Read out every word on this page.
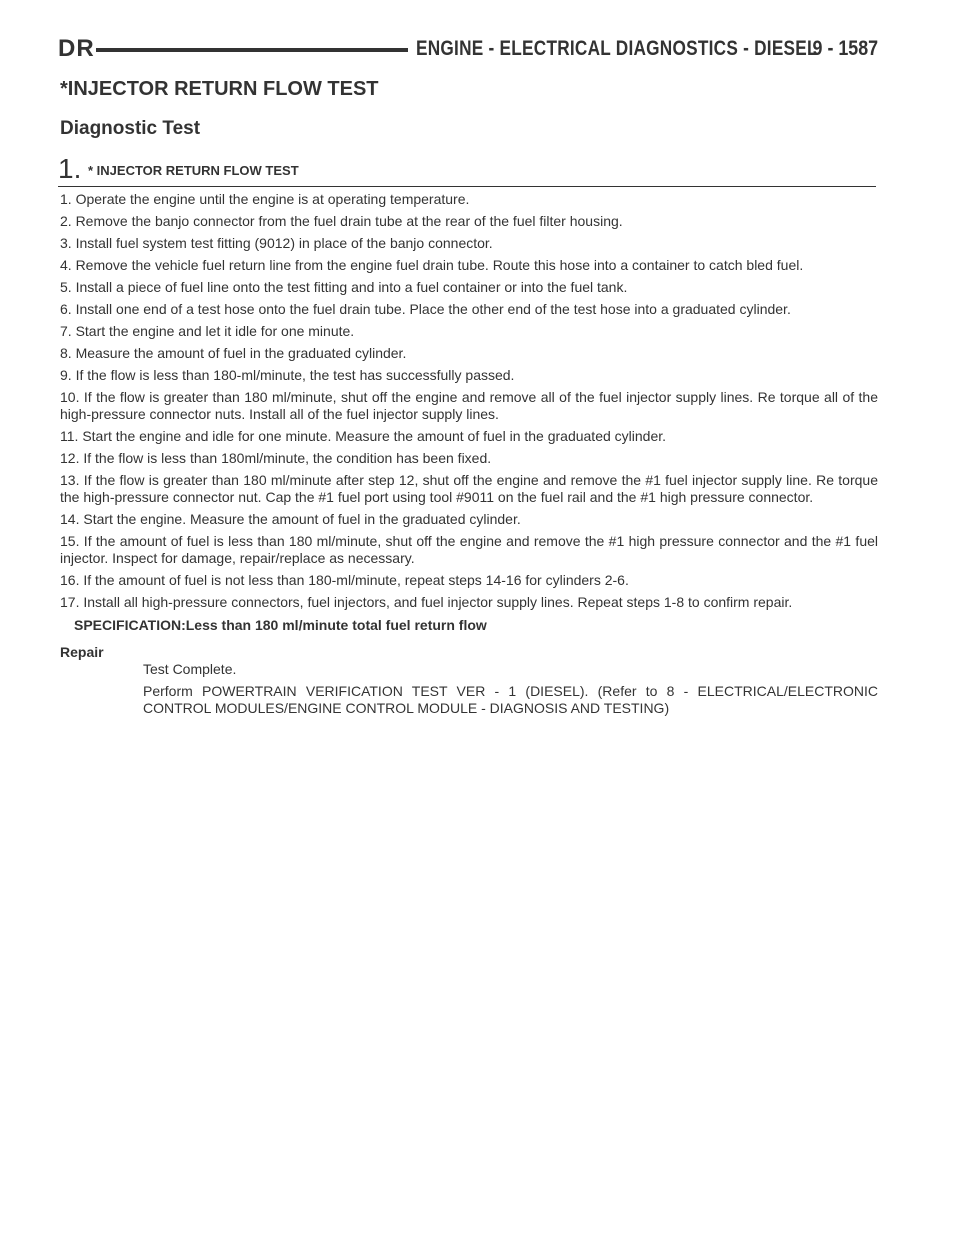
DR	ENGINE - ELECTRICAL DIAGNOSTICS - DIESEL
9 - 1587
*INJECTOR RETURN FLOW TEST
Diagnostic Test
1. * INJECTOR RETURN FLOW TEST

1. Operate the engine until the engine is at operating temperature.

2. Remove the banjo connector from the fuel drain tube at the rear of the fuel filter housing.

3. Install fuel system test fitting (9012) in place of the banjo connector.

4. Remove the vehicle fuel return line from the engine fuel drain tube. Route this hose into a container to catch bled fuel.

5. Install a piece of fuel line onto the test fitting and into a fuel container or into the fuel tank.

6. Install one end of a test hose onto the fuel drain tube. Place the other end of the test hose into a graduated cylinder.

7. Start the engine and let it idle for one minute.

8. Measure the amount of fuel in the graduated cylinder.

9. If the flow is less than 180-ml/minute, the test has successfully passed.

10. If the flow is greater than 180 ml/minute, shut off the engine and remove all of the fuel injector supply lines. Re torque all of the high-pressure connector nuts. Install all of the fuel injector supply lines.

11. Start the engine and idle for one minute. Measure the amount of fuel in the graduated cylinder.

12. If the flow is less than 180ml/minute, the condition has been fixed.

13. If the flow is greater than 180 ml/minute after step 12, shut off the engine and remove the #1 fuel injector supply line. Re torque the high-pressure connector nut. Cap the #1 fuel port using tool #9011 on the fuel rail and the #1 high pressure connector.

14. Start the engine. Measure the amount of fuel in the graduated cylinder.

15. If the amount of fuel is less than 180 ml/minute, shut off the engine and remove the #1 high pressure connector and the #1 fuel injector. Inspect for damage, repair/replace as necessary.

16. If the amount of fuel is not less than 180-ml/minute, repeat steps 14-16 for cylinders 2-6.

17. Install all high-pressure connectors, fuel injectors, and fuel injector supply lines. Repeat steps 1-8 to confirm repair.

SPECIFICATION:Less than 180 ml/minute total fuel return flow

Repair

Test Complete.

Perform POWERTRAIN VERIFICATION TEST VER - 1 (DIESEL). (Refer to 8 - ELECTRICAL/ELECTRONIC CONTROL MODULES/ENGINE CONTROL MODULE - DIAGNOSIS AND TESTING)
